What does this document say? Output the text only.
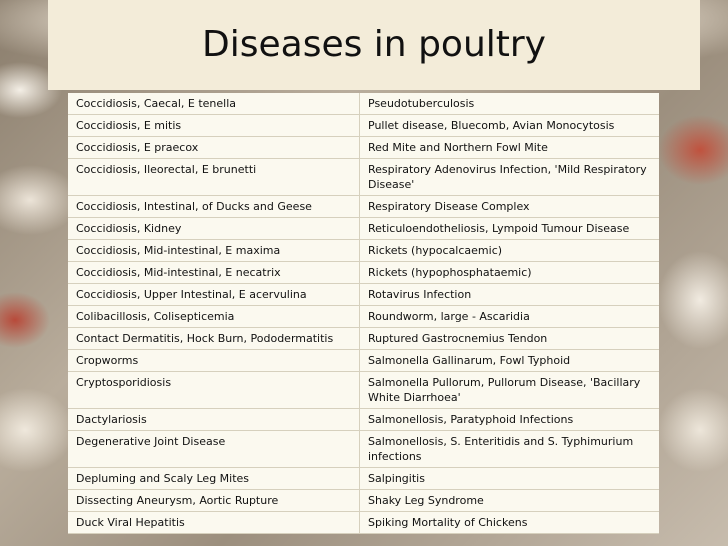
Diseases in poultry
Coccidiosis, Caecal, E tenella	Pseudotuberculosis
Coccidiosis, E mitis	Pullet disease, Bluecomb, Avian Monocytosis
Coccidiosis, E praecox	Red Mite and Northern Fowl Mite
Coccidiosis, Ileorectal, E brunetti	Respiratory Adenovirus Infection, 'Mild Respiratory Disease'
Coccidiosis, Intestinal, of Ducks and Geese	Respiratory Disease Complex
Coccidiosis, Kidney	Reticuloendotheliosis, Lympoid Tumour Disease
Coccidiosis, Mid-intestinal, E maxima	Rickets (hypocalcaemic)
Coccidiosis, Mid-intestinal, E necatrix	Rickets (hypophosphataemic)
Coccidiosis, Upper Intestinal, E acervulina	Rotavirus Infection
Colibacillosis, Colisepticemia	Roundworm, large - Ascaridia
Contact Dermatitis, Hock Burn, Pododermatitis	Ruptured Gastrocnemius Tendon
Cropworms	Salmonella Gallinarum, Fowl Typhoid
Cryptosporidiosis	Salmonella Pullorum, Pullorum Disease, 'Bacillary White Diarrhoea'
Dactylariosis	Salmonellosis, Paratyphoid Infections
Degenerative Joint Disease	Salmonellosis, S. Enteritidis and S. Typhimurium infections
Depluming and Scaly Leg Mites	Salpingitis
Dissecting Aneurysm, Aortic Rupture	Shaky Leg Syndrome
Duck Viral Hepatitis	Spiking Mortality of Chickens
